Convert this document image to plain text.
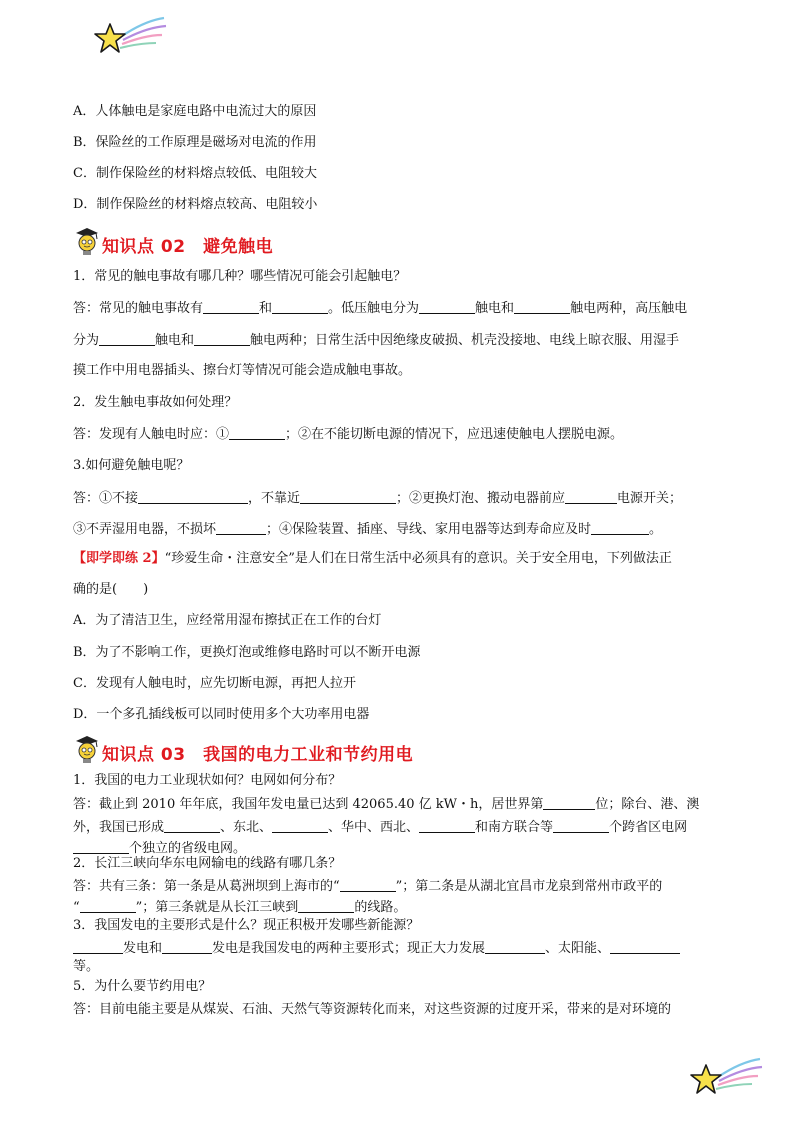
A．人体触电是家庭电路中电流过大的原因
B．保险丝的工作原理是磁场对电流的作用
C．制作保险丝的材料熔点较低、电阻较大
D．制作保险丝的材料熔点较高、电阻较小
知识点 02　避免触电
1．常见的触电事故有哪几种？哪些情况可能会引起触电？
答：常见的触电事故有	和	。低压触电分为	触电和	触电两种，高压触电
分为	触电和	触电两种；日常生活中因绝缘皮破损、机壳没接地、电线上晾衣服、用湿手
摸工作中用电器插头、擦台灯等情况可能会造成触电事故。
2．发生触电事故如何处理？
答：发现有人触电时应：①	；②在不能切断电源的情况下，应迅速使触电人摆脱电源。
3.如何避免触电呢？
答：①不接	，不靠近	；②更换灯泡、搬动电器前应	电源开关；
③不弄湿用电器，不损坏	；④保险装置、插座、导线、家用电器等达到寿命应及时	。
【即学即练 2】“珍爱生命・注意安全”是人们在日常生活中必须具有的意识。关于安全用电，下列做法正
确的是(　　)
A．为了清洁卫生，应经常用湿布擦拭正在工作的台灯
B．为了不影响工作，更换灯泡或维修电路时可以不断开电源
C．发现有人触电时，应先切断电源，再把人拉开
D．一个多孔插线板可以同时使用多个大功率用电器
知识点 03　我国的电力工业和节约用电
1．我国的电力工业现状如何？电网如何分布？
答：截止到 2010 年年底，我国年发电量已达到 42065.40 亿 kW・h，居世界第	位；除台、港、澳
外，我国已形成	、东北、	、华中、西北、	和南方联合等	个跨省区电网
个独立的省级电网。
2．长江三峡向华东电网输电的线路有哪几条？
答：共有三条：第一条是从葛洲坝到上海市的“	”；第二条是从湖北宜昌市龙泉到常州市政平的
“	”；第三条就是从长江三峡到	的线路。
3．我国发电的主要形式是什么？现正积极开发哪些新能源？
发电和	发电是我国发电的两种主要形式；现正大力发展	、太阳能、
等。
5．为什么要节约用电？
答：目前电能主要是从煤炭、石油、天然气等资源转化而来，对这些资源的过度开采，带来的是对环境的
